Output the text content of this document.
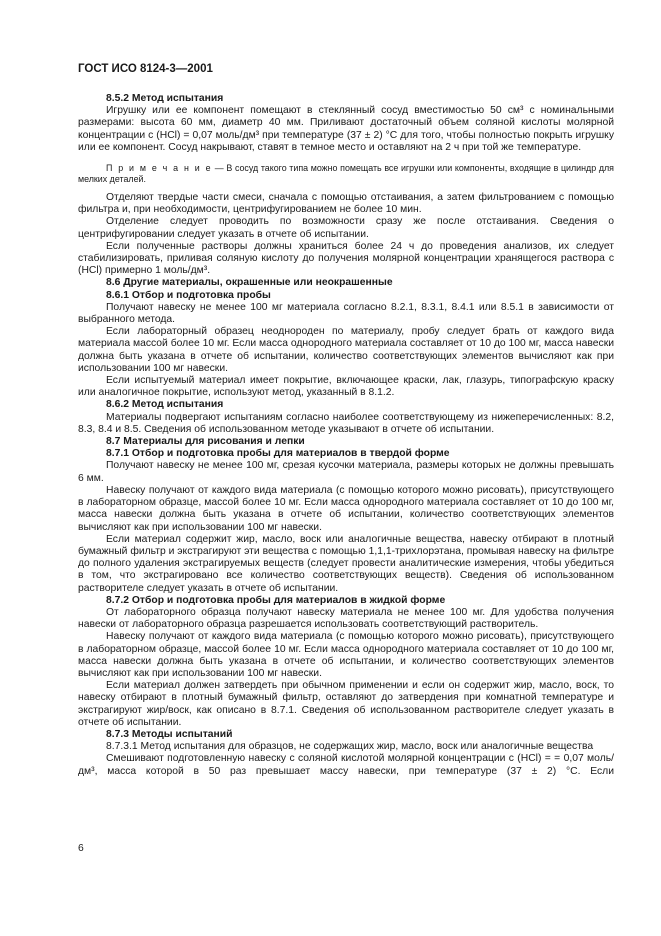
ГОСТ ИСО 8124-3—2001

8.5.2 Метод испытания

Игрушку или ее компонент помещают в стеклянный сосуд вместимостью 50 см³ с номинальными размерами: высота 60 мм, диаметр 40 мм. Приливают достаточный объем соляной кислоты молярной концентрации c (HCl) = 0,07 моль/дм³ при температуре (37 ± 2) °С для того, чтобы полностью покрыть игрушку или ее компонент. Сосуд накрывают, ставят в темное место и оставляют на 2 ч при той же температуре.

П р и м е ч а н и е — В сосуд такого типа можно помещать все игрушки или компоненты, входящие в цилиндр для мелких деталей.

Отделяют твердые части смеси, сначала с помощью отстаивания, а затем фильтрованием с помощью фильтра и, при необходимости, центрифугированием не более 10 мин.

Отделение следует проводить по возможности сразу же после отстаивания. Сведения о центрифугировании следует указать в отчете об испытании.

Если полученные растворы должны храниться более 24 ч до проведения анализов, их следует стабилизировать, приливая соляную кислоту до получения молярной концентрации хранящегося раствора c (HCl) примерно 1 моль/дм³.

8.6 Другие материалы, окрашенные или неокрашенные

8.6.1 Отбор и подготовка пробы

Получают навеску не менее 100 мг материала согласно 8.2.1, 8.3.1, 8.4.1 или 8.5.1 в зависимости от выбранного метода.

Если лабораторный образец неоднороден по материалу, пробу следует брать от каждого вида материала массой более 10 мг. Если масса однородного материала составляет от 10 до 100 мг, масса навески должна быть указана в отчете об испытании, количество соответствующих элементов вычисляют как при использовании 100 мг навески.

Если испытуемый материал имеет покрытие, включающее краски, лак, глазурь, типографскую краску или аналогичное покрытие, используют метод, указанный в 8.1.2.

8.6.2 Метод испытания

Материалы подвергают испытаниям согласно наиболее соответствующему из нижеперечисленных: 8.2, 8.3, 8.4 и 8.5. Сведения об использованном методе указывают в отчете об испытании.

8.7 Материалы для рисования и лепки

8.7.1 Отбор и подготовка пробы для материалов в твердой форме

Получают навеску не менее 100 мг, срезая кусочки материала, размеры которых не должны превышать 6 мм.

Навеску получают от каждого вида материала (с помощью которого можно рисовать), присутствующего в лабораторном образце, массой более 10 мг. Если масса однородного материала составляет от 10 до 100 мг, масса навески должна быть указана в отчете об испытании, количество соответствующих элементов вычисляют как при использовании 100 мг навески.

Если материал содержит жир, масло, воск или аналогичные вещества, навеску отбирают в плотный бумажный фильтр и экстрагируют эти вещества с помощью 1,1,1-трихлорэтана, промывая навеску на фильтре до полного удаления экстрагируемых веществ (следует провести аналитические измерения, чтобы убедиться в том, что экстрагировано все количество соответствующих веществ). Сведения об использованном растворителе следует указать в отчете об испытании.

8.7.2 Отбор и подготовка пробы для материалов в жидкой форме

От лабораторного образца получают навеску материала не менее 100 мг. Для удобства получения навески от лабораторного образца разрешается использовать соответствующий растворитель.

Навеску получают от каждого вида материала (с помощью которого можно рисовать), присутствующего в лабораторном образце, массой более 10 мг. Если масса однородного материала составляет от 10 до 100 мг, масса навески должна быть указана в отчете об испытании, и количество соответствующих элементов вычисляют как при использовании 100 мг навески.

Если материал должен затвердеть при обычном применении и если он содержит жир, масло, воск, то навеску отбирают в плотный бумажный фильтр, оставляют до затвердения при комнатной температуре и экстрагируют жир/воск, как описано в 8.7.1. Сведения об использованном растворителе следует указать в отчете об испытании.

8.7.3 Методы испытаний

8.7.3.1 Метод испытания для образцов, не содержащих жир, масло, воск или аналогичные вещества

Смешивают подготовленную навеску с соляной кислотой молярной концентрации c (HCl) = = 0,07 моль/дм³, масса которой в 50 раз превышает массу навески, при температуре (37 ± 2) °С. Если

6
